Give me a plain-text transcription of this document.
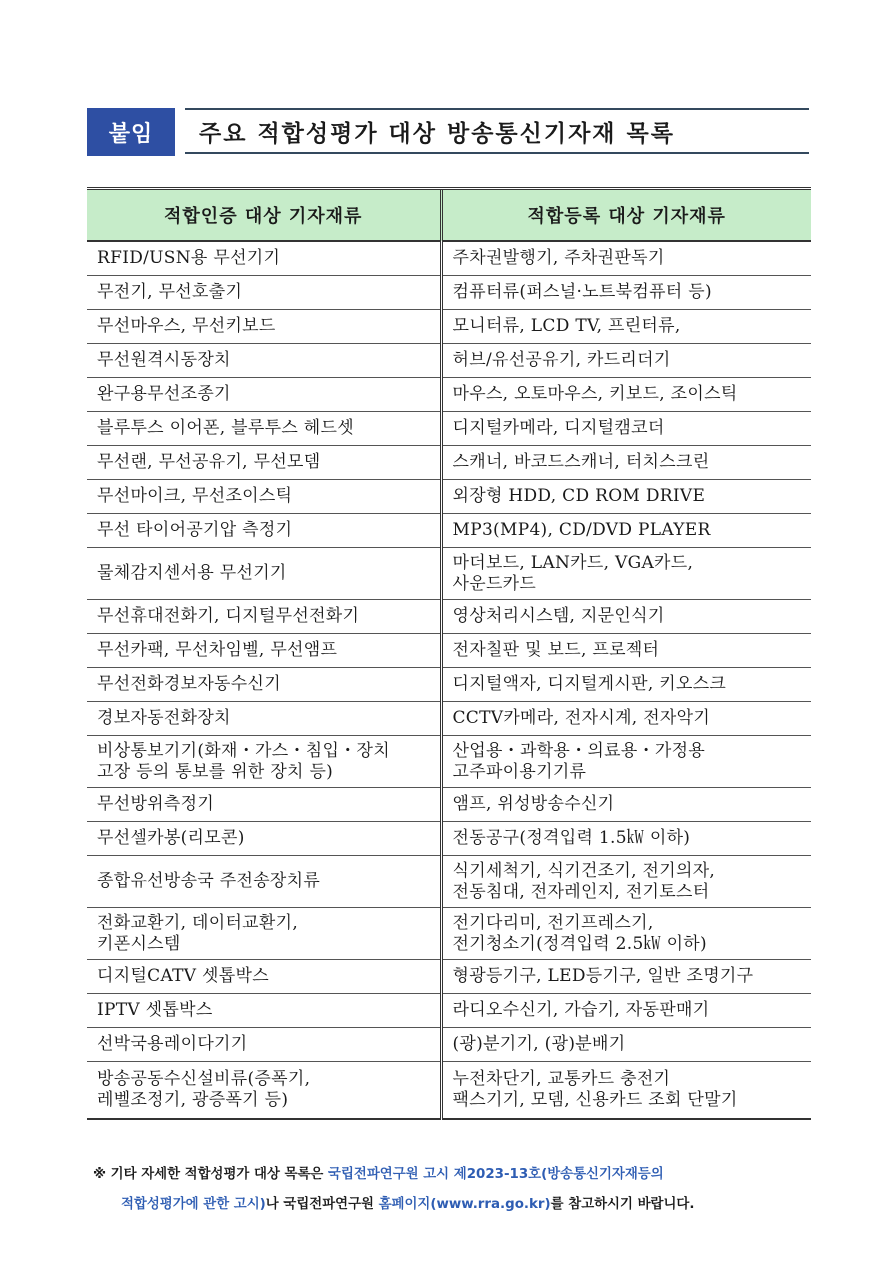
붙임	주요 적합성평가 대상 방송통신기자재 목록
적합인증 대상 기자재류	적합등록 대상 기자재류
RFID/USN용 무선기기	주차권발행기, 주차권판독기
무전기, 무선호출기	컴퓨터류(퍼스널·노트북컴퓨터 등)
무선마우스, 무선키보드	모니터류, LCD TV, 프린터류,
무선원격시동장치	허브/유선공유기, 카드리더기
완구용무선조종기	마우스, 오토마우스, 키보드, 조이스틱
블루투스 이어폰, 블루투스 헤드셋	디지털카메라, 디지털캠코더
무선랜, 무선공유기, 무선모뎀	스캐너, 바코드스캐너, 터치스크린
무선마이크, 무선조이스틱	외장형 HDD, CD ROM DRIVE
무선 타이어공기압 측정기	MP3(MP4), CD/DVD PLAYER
물체감지센서용 무선기기	마더보드, LAN카드, VGA카드,
사운드카드
무선휴대전화기, 디지털무선전화기	영상처리시스템, 지문인식기
무선카팩, 무선차임벨, 무선앰프	전자칠판 및 보드, 프로젝터
무선전화경보자동수신기	디지털액자, 디지털게시판, 키오스크
경보자동전화장치	CCTV카메라, 전자시계, 전자악기
비상통보기기(화재・가스・침입・장치
고장 등의 통보를 위한 장치 등)	산업용・과학용・의료용・가정용
고주파이용기기류
무선방위측정기	앰프, 위성방송수신기
무선셀카봉(리모콘)	전동공구(정격입력 1.5㎾ 이하)
종합유선방송국 주전송장치류	식기세척기, 식기건조기, 전기의자,
전동침대, 전자레인지, 전기토스터
전화교환기, 데이터교환기,
키폰시스템	전기다리미, 전기프레스기,
전기청소기(정격입력 2.5㎾ 이하)
디지털CATV 셋톱박스	형광등기구, LED등기구, 일반 조명기구
IPTV 셋톱박스	라디오수신기, 가습기, 자동판매기
선박국용레이다기기	(광)분기기, (광)분배기
방송공동수신설비류(증폭기,
레벨조정기, 광증폭기 등)	누전차단기, 교통카드 충전기
팩스기기, 모뎀, 신용카드 조회 단말기
※ 기타 자세한 적합성평가 대상 목록은 국립전파연구원 고시 제2023-13호(방송통신기자재등의
적합성평가에 관한 고시)나 국립전파연구원 홈페이지(www.rra.go.kr)를 참고하시기 바랍니다.
